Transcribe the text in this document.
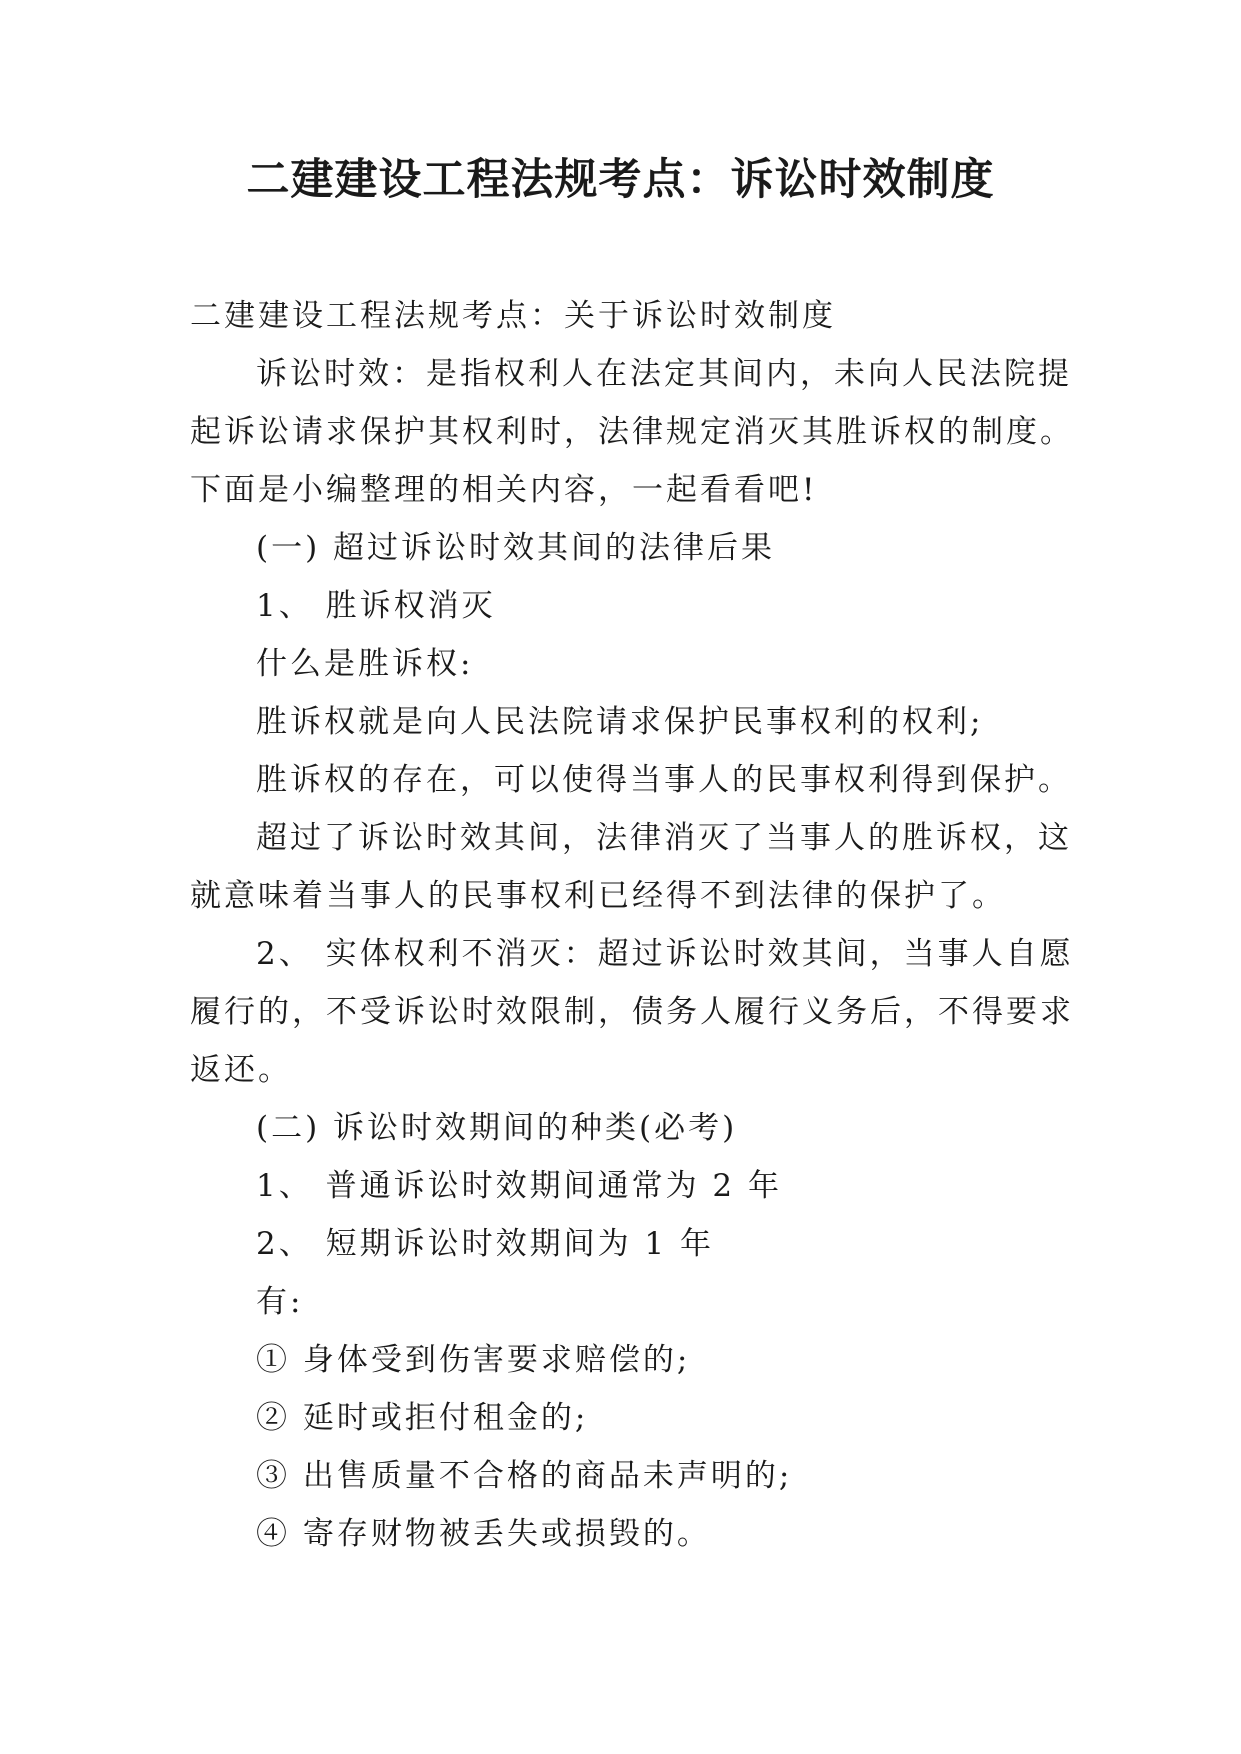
二建建设工程法规考点：诉讼时效制度

二建建设工程法规考点：关于诉讼时效制度

诉讼时效：是指权利人在法定其间内，未向人民法院提

起诉讼请求保护其权利时，法律规定消灭其胜诉权的制度。

下面是小编整理的相关内容，一起看看吧!

(一) 超过诉讼时效其间的法律后果

1、 胜诉权消灭

什么是胜诉权:

胜诉权就是向人民法院请求保护民事权利的权利;

胜诉权的存在，可以使得当事人的民事权利得到保护。

超过了诉讼时效其间，法律消灭了当事人的胜诉权，这

就意味着当事人的民事权利已经得不到法律的保护了。

2、 实体权利不消灭：超过诉讼时效其间，当事人自愿

履行的，不受诉讼时效限制，债务人履行义务后，不得要求

返还。

(二) 诉讼时效期间的种类(必考)

1、 普通诉讼时效期间通常为 2 年

2、 短期诉讼时效期间为 1 年

有:

① 身体受到伤害要求赔偿的;

② 延时或拒付租金的;

③ 出售质量不合格的商品未声明的;

④ 寄存财物被丢失或损毁的。
